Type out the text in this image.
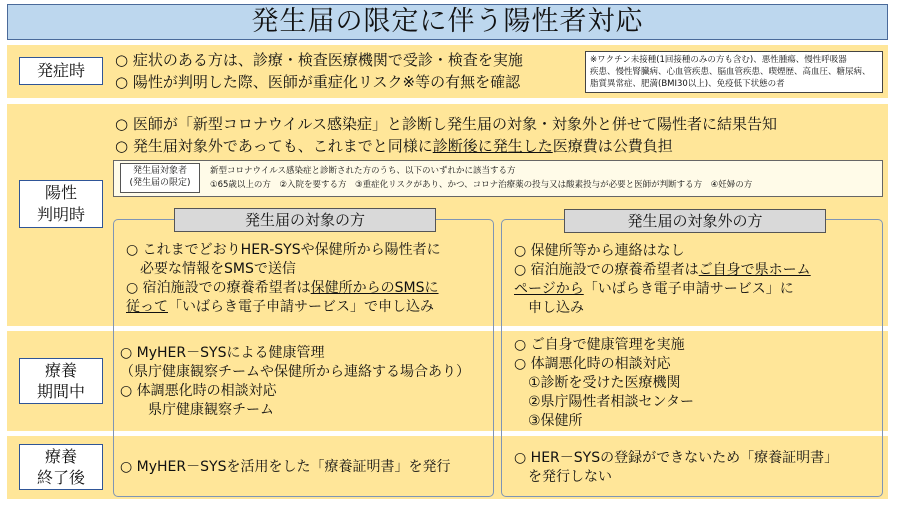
発生届の限定に伴う陽性者対応
発症時
○ 症状のある方は、診療・検査医療機関で受診・検査を実施
○ 陽性が判明した際、医師が重症化リスク※等の有無を確認
※ワクチン未接種(1回接種のみの方も含む)、悪性腫瘍、慢性呼吸器
疾患、慢性腎臓病、心血管疾患、脳血管疾患、喫煙歴、高血圧、糖尿病、
脂質異常症、肥満(BMI30以上)、免疫低下状態の者
陽性
判明時
○ 医師が「新型コロナウイルス感染症」と診断し発生届の対象・対象外と併せて陽性者に結果告知
○ 発生届対象外であっても、これまでと同様に診断後に発生した医療費は公費負担
発生届対象者
(発生届の限定)
新型コロナウイルス感染症と診断された方のうち、以下のいずれかに該当する方
①65歳以上の方　②入院を要する方　③重症化リスクがあり、かつ、コロナ治療薬の投与又は酸素投与が必要と医師が判断する方　④妊婦の方
療養
期間中
療養
終了後
発生届の対象の方	発生届の対象外の方
○ これまでどおりHER-SYSや保健所から陽性者に
　必要な情報をSMSで送信
○ 宿泊施設での療養希望者は保健所からのSMSに
従って「いばらき電子申請サービス」で申し込み
○ 保健所等から連絡はなし
○ 宿泊施設での療養希望者はご自身で県ホーム
ページから「いばらき電子申請サービス」に
　申し込み
○ MyHER－SYSによる健康管理
（県庁健康観察チームや保健所から連絡する場合あり）
○ 体調悪化時の相談対応
　　県庁健康観察チーム
○ ご自身で健康管理を実施
○ 体調悪化時の相談対応
　①診断を受けた医療機関
　②県庁陽性者相談センター
　③保健所
○ MyHER－SYSを活用をした「療養証明書」を発行
○ HER－SYSの登録ができないため「療養証明書」
　を発行しない
